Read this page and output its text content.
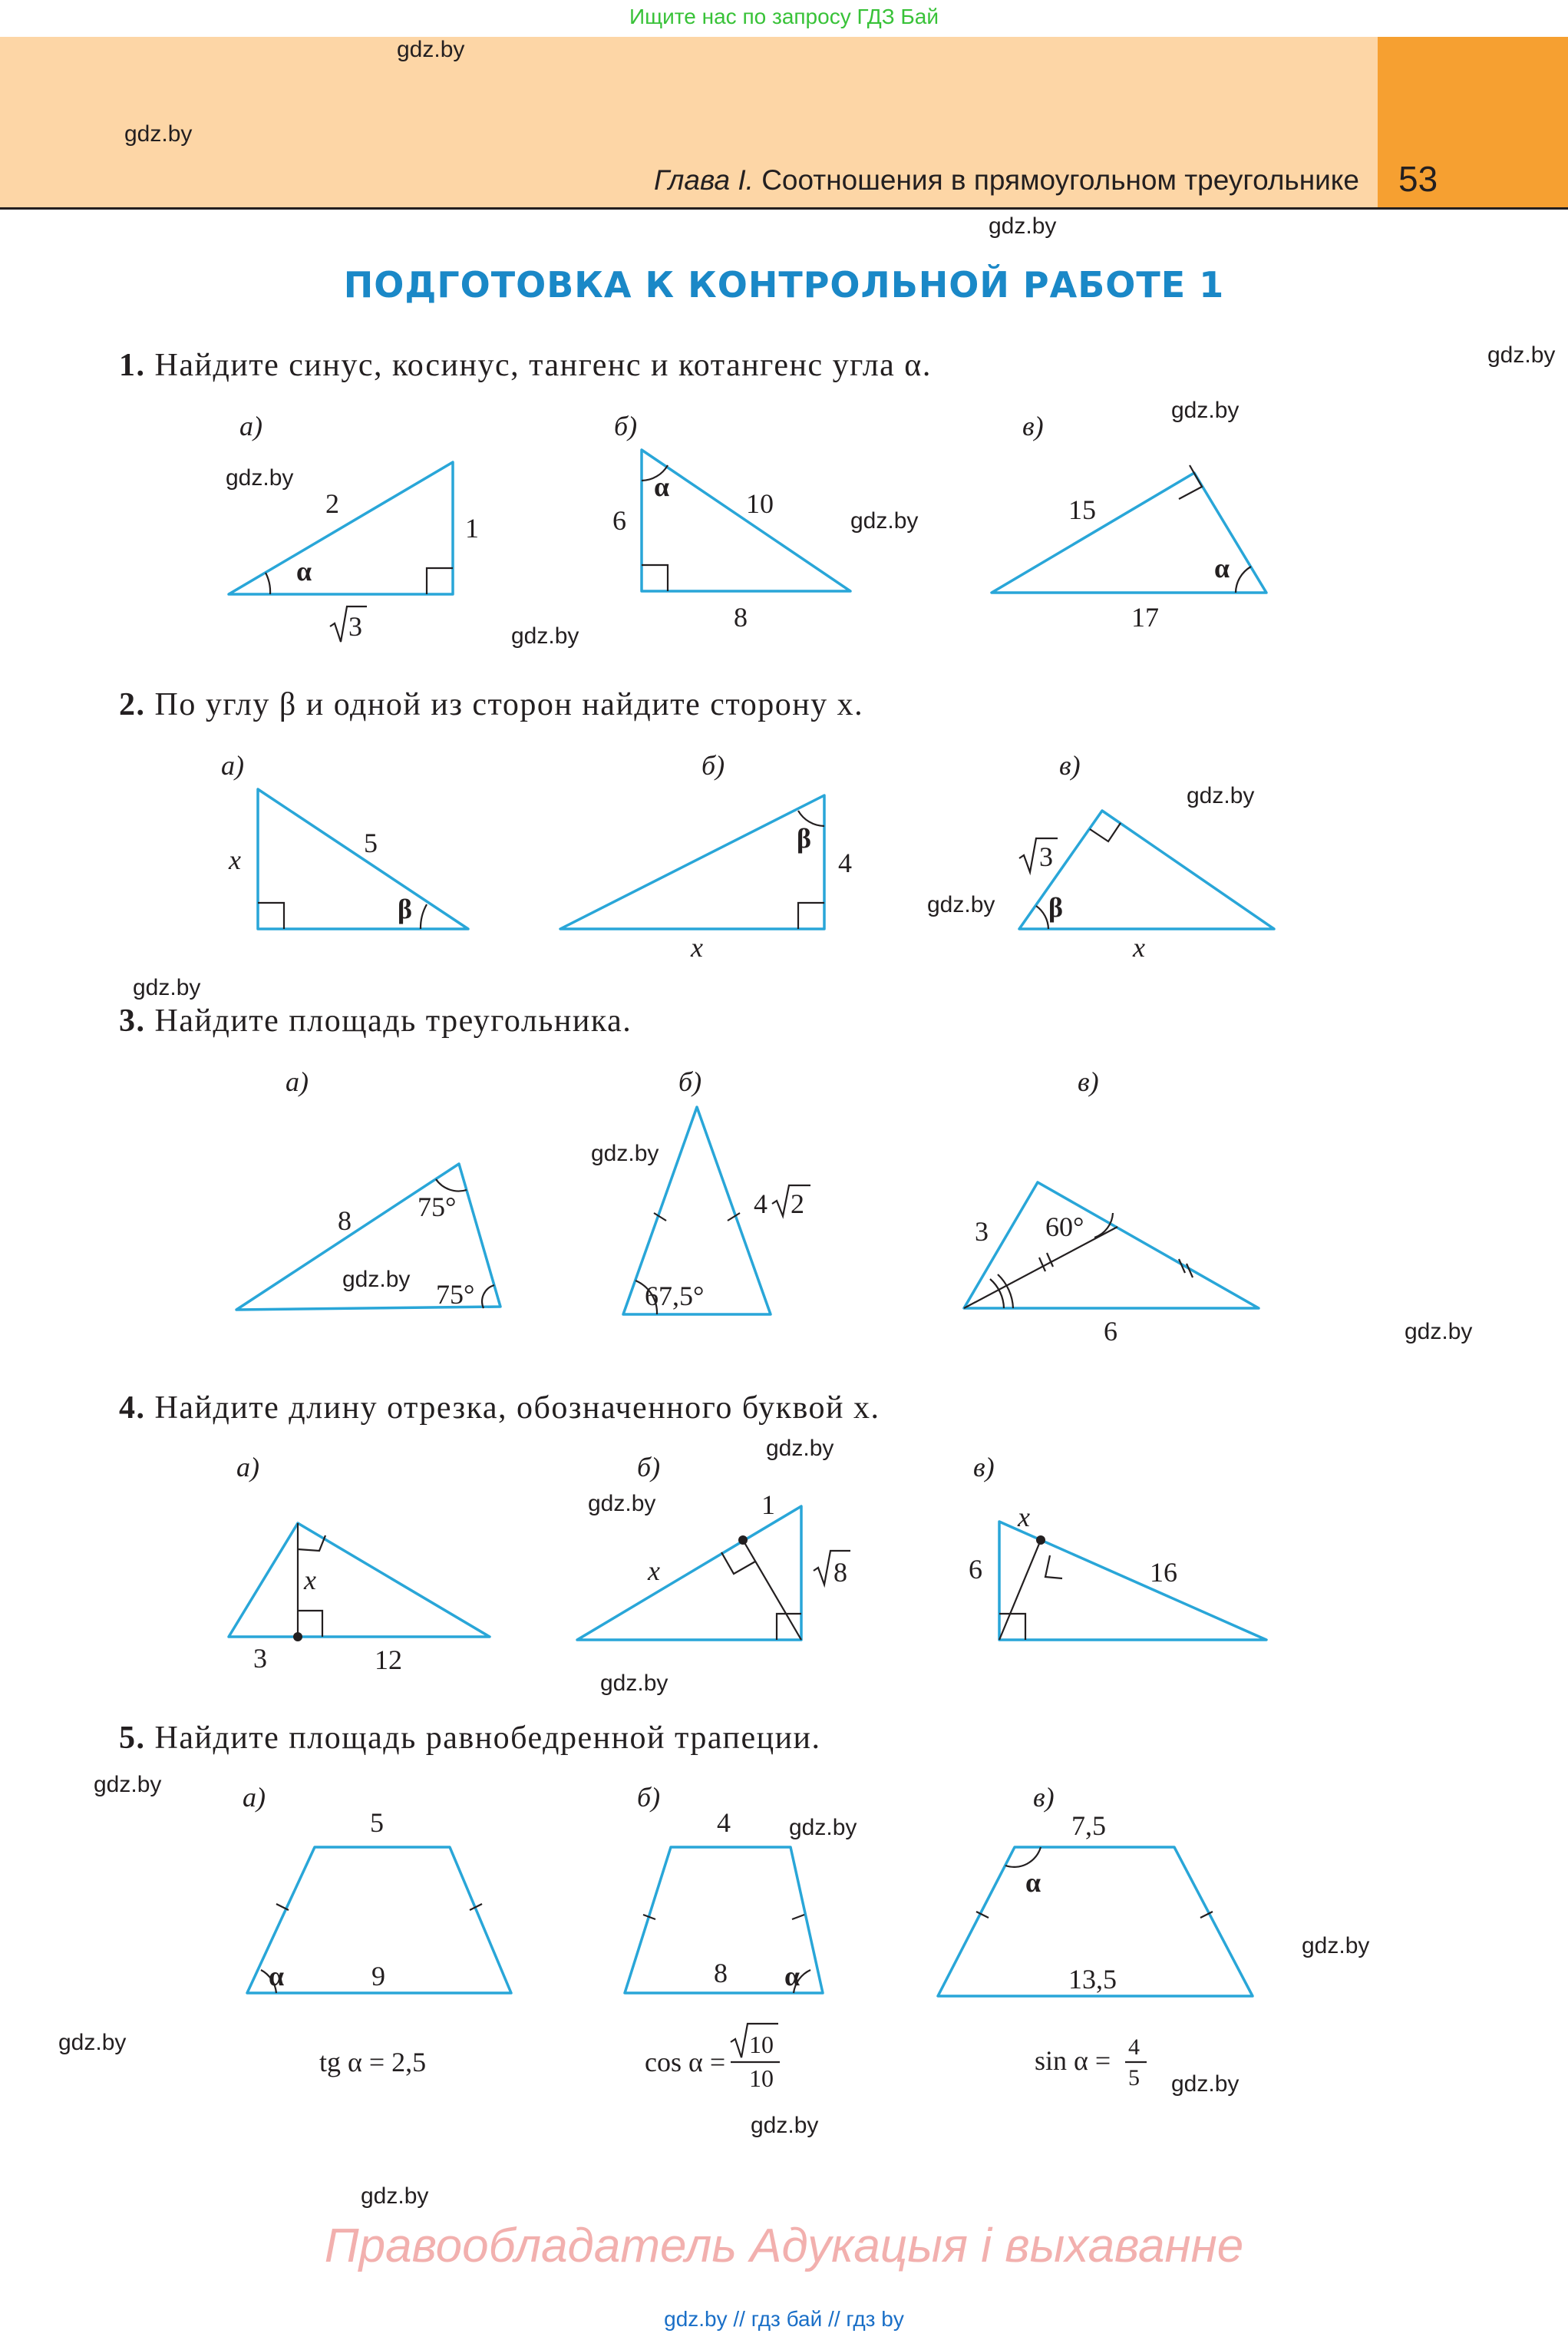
Ищите нас по запросу ГДЗ Бай
Глава I. Соотношения в прямоугольном треугольнике 53
gdz.by
gdz.by
gdz.by
gdz.by
gdz.by
gdz.by
gdz.by
gdz.by
gdz.by
gdz.by
gdz.by
gdz.by
gdz.by
gdz.by
gdz.by
gdz.by
gdz.by
gdz.by
gdz.by
gdz.by
gdz.by
gdz.by
gdz.by
gdz.by
ПОДГОТОВКА К КОНТРОЛЬНОЙ РАБОТЕ 1
1. Найдите синус, косинус, тангенс и котангенс угла α.
2. По углу β и одной из сторон найдите сторону x.
3. Найдите площадь треугольника.
4. Найдите длину отрезка, обозначенного буквой x.
5. Найдите площадь равнобедренной трапеции.
а)	б)	в)
а)	б)	в)
а)	б)	в)
а)	б)	в)
а)	б)	в)
2
1
3
α
6
10
8
α
15
17
α
x
5
β
4
x
β
3
x
β
8 75°
75°
4 2
67,5°
3 60°
6
x
3	12
x
1
8
x
6	16
5
9
α
tg α = 2,5
4
8 α
cos α =
10
10
7,5
13,5
α
sin α = 4
5
Правообладатель Адукацыя і выхаванне
gdz.by // гдз бай // гдз by
